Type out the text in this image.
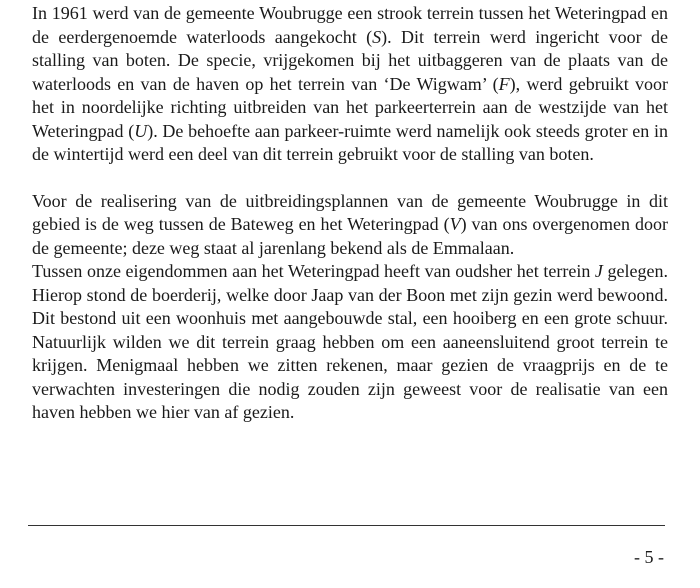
In 1961 werd van de gemeente Woubrugge een strook terrein tussen het Weteringpad en de eerdergenoemde waterloods aangekocht (S). Dit terrein werd ingericht voor de stalling van boten. De specie, vrijgekomen bij het uitbaggeren van de plaats van de waterloods en van de haven op het terrein van ‘De Wigwam’ (F), werd gebruikt voor het in noordelijke richting uitbreiden van het parkeerterrein aan de westzijde van het Weteringpad (U). De behoefte aan parkeer-ruimte werd namelijk ook steeds groter en in de wintertijd werd een deel van dit terrein gebruikt voor de stalling van boten.

Voor de realisering van de uitbreidingsplannen van de gemeente Woubrugge in dit gebied is de weg tussen de Bateweg en het Weteringpad (V) van ons overgenomen door de gemeente; deze weg staat al jarenlang bekend als de Emmalaan.

Tussen onze eigendommen aan het Weteringpad heeft van oudsher het terrein J gelegen. Hierop stond de boerderij, welke door Jaap van der Boon met zijn gezin werd bewoond. Dit bestond uit een woonhuis met aangebouwde stal, een hooiberg en een grote schuur. Natuurlijk wilden we dit terrein graag hebben om een aaneensluitend groot terrein te krijgen. Menigmaal hebben we zitten rekenen, maar gezien de vraagprijs en de te verwachten investeringen die nodig zouden zijn geweest voor de realisatie van een haven hebben we hier van af gezien.

- 5 -
